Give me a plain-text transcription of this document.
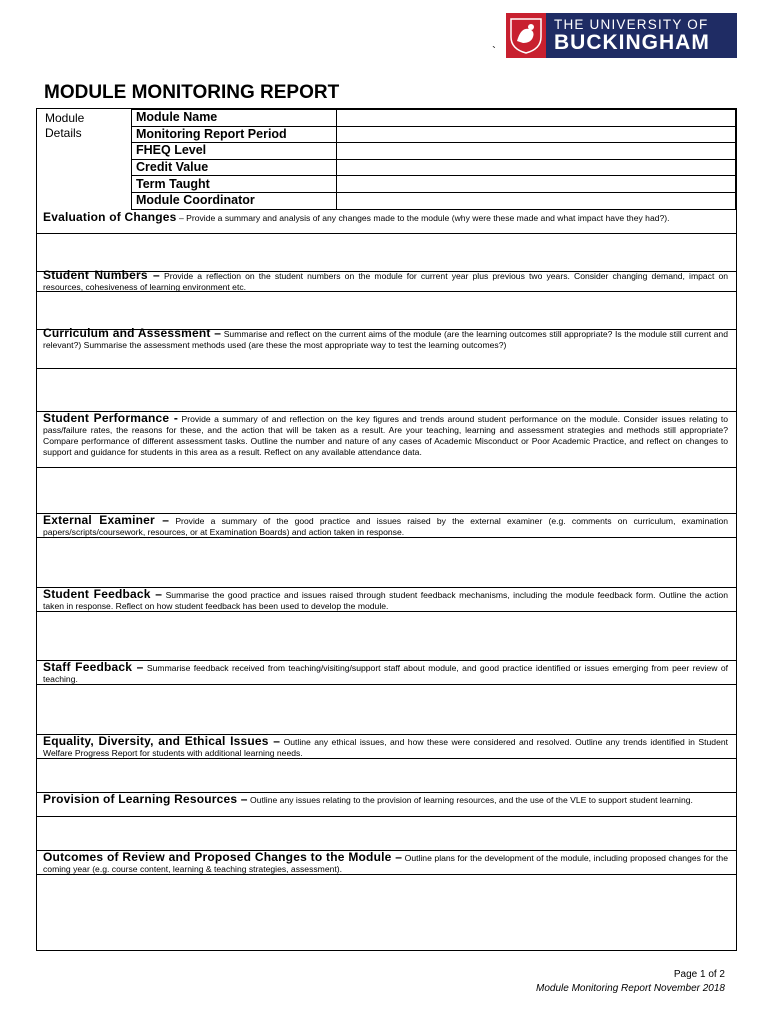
THE UNIVERSITY OF
BUCKINGHAM
`
MODULE MONITORING REPORT
Module Details
Module Name	
Monitoring Report Period	
FHEQ Level	
Credit Value	
Term Taught	
Module Coordinator	
Evaluation of Changes – Provide a summary and analysis of any changes made to the module (why were these made and what impact have they had?).
Student Numbers – Provide a reflection on the student numbers on the module for current year plus previous two years. Consider changing demand, impact on resources, cohesiveness of learning environment etc.
Curriculum and Assessment – Summarise and reflect on the current aims of the module (are the learning outcomes still appropriate? Is the module still current and relevant?) Summarise the assessment methods used (are these the most appropriate way to test the learning outcomes?)
Student Performance - Provide a summary of and reflection on the key figures and trends around student performance on the module. Consider issues relating to pass/failure rates, the reasons for these, and the action that will be taken as a result. Are your teaching, learning and assessment strategies and methods still appropriate? Compare performance of different assessment tasks. Outline the number and nature of any cases of Academic Misconduct or Poor Academic Practice, and reflect on changes to support and guidance for students in this area as a result. Reflect on any available attendance data.
External Examiner – Provide a summary of the good practice and issues raised by the external examiner (e.g. comments on curriculum, examination papers/scripts/coursework, resources, or at Examination Boards) and action taken in response.
Student Feedback – Summarise the good practice and issues raised through student feedback mechanisms, including the module feedback form. Outline the action taken in response. Reflect on how student feedback has been used to develop the module.
Staff Feedback – Summarise feedback received from teaching/visiting/support staff about module, and good practice identified or issues emerging from peer review of teaching.
Equality, Diversity, and Ethical Issues – Outline any ethical issues, and how these were considered and resolved. Outline any trends identified in Student Welfare Progress Report for students with additional learning needs.
Provision of Learning Resources – Outline any issues relating to the provision of learning resources, and the use of the VLE to support student learning.
Outcomes of Review and Proposed Changes to the Module – Outline plans for the development of the module, including proposed changes for the coming year (e.g. course content, learning & teaching strategies, assessment).
Page 1 of 2
Module Monitoring Report November 2018
